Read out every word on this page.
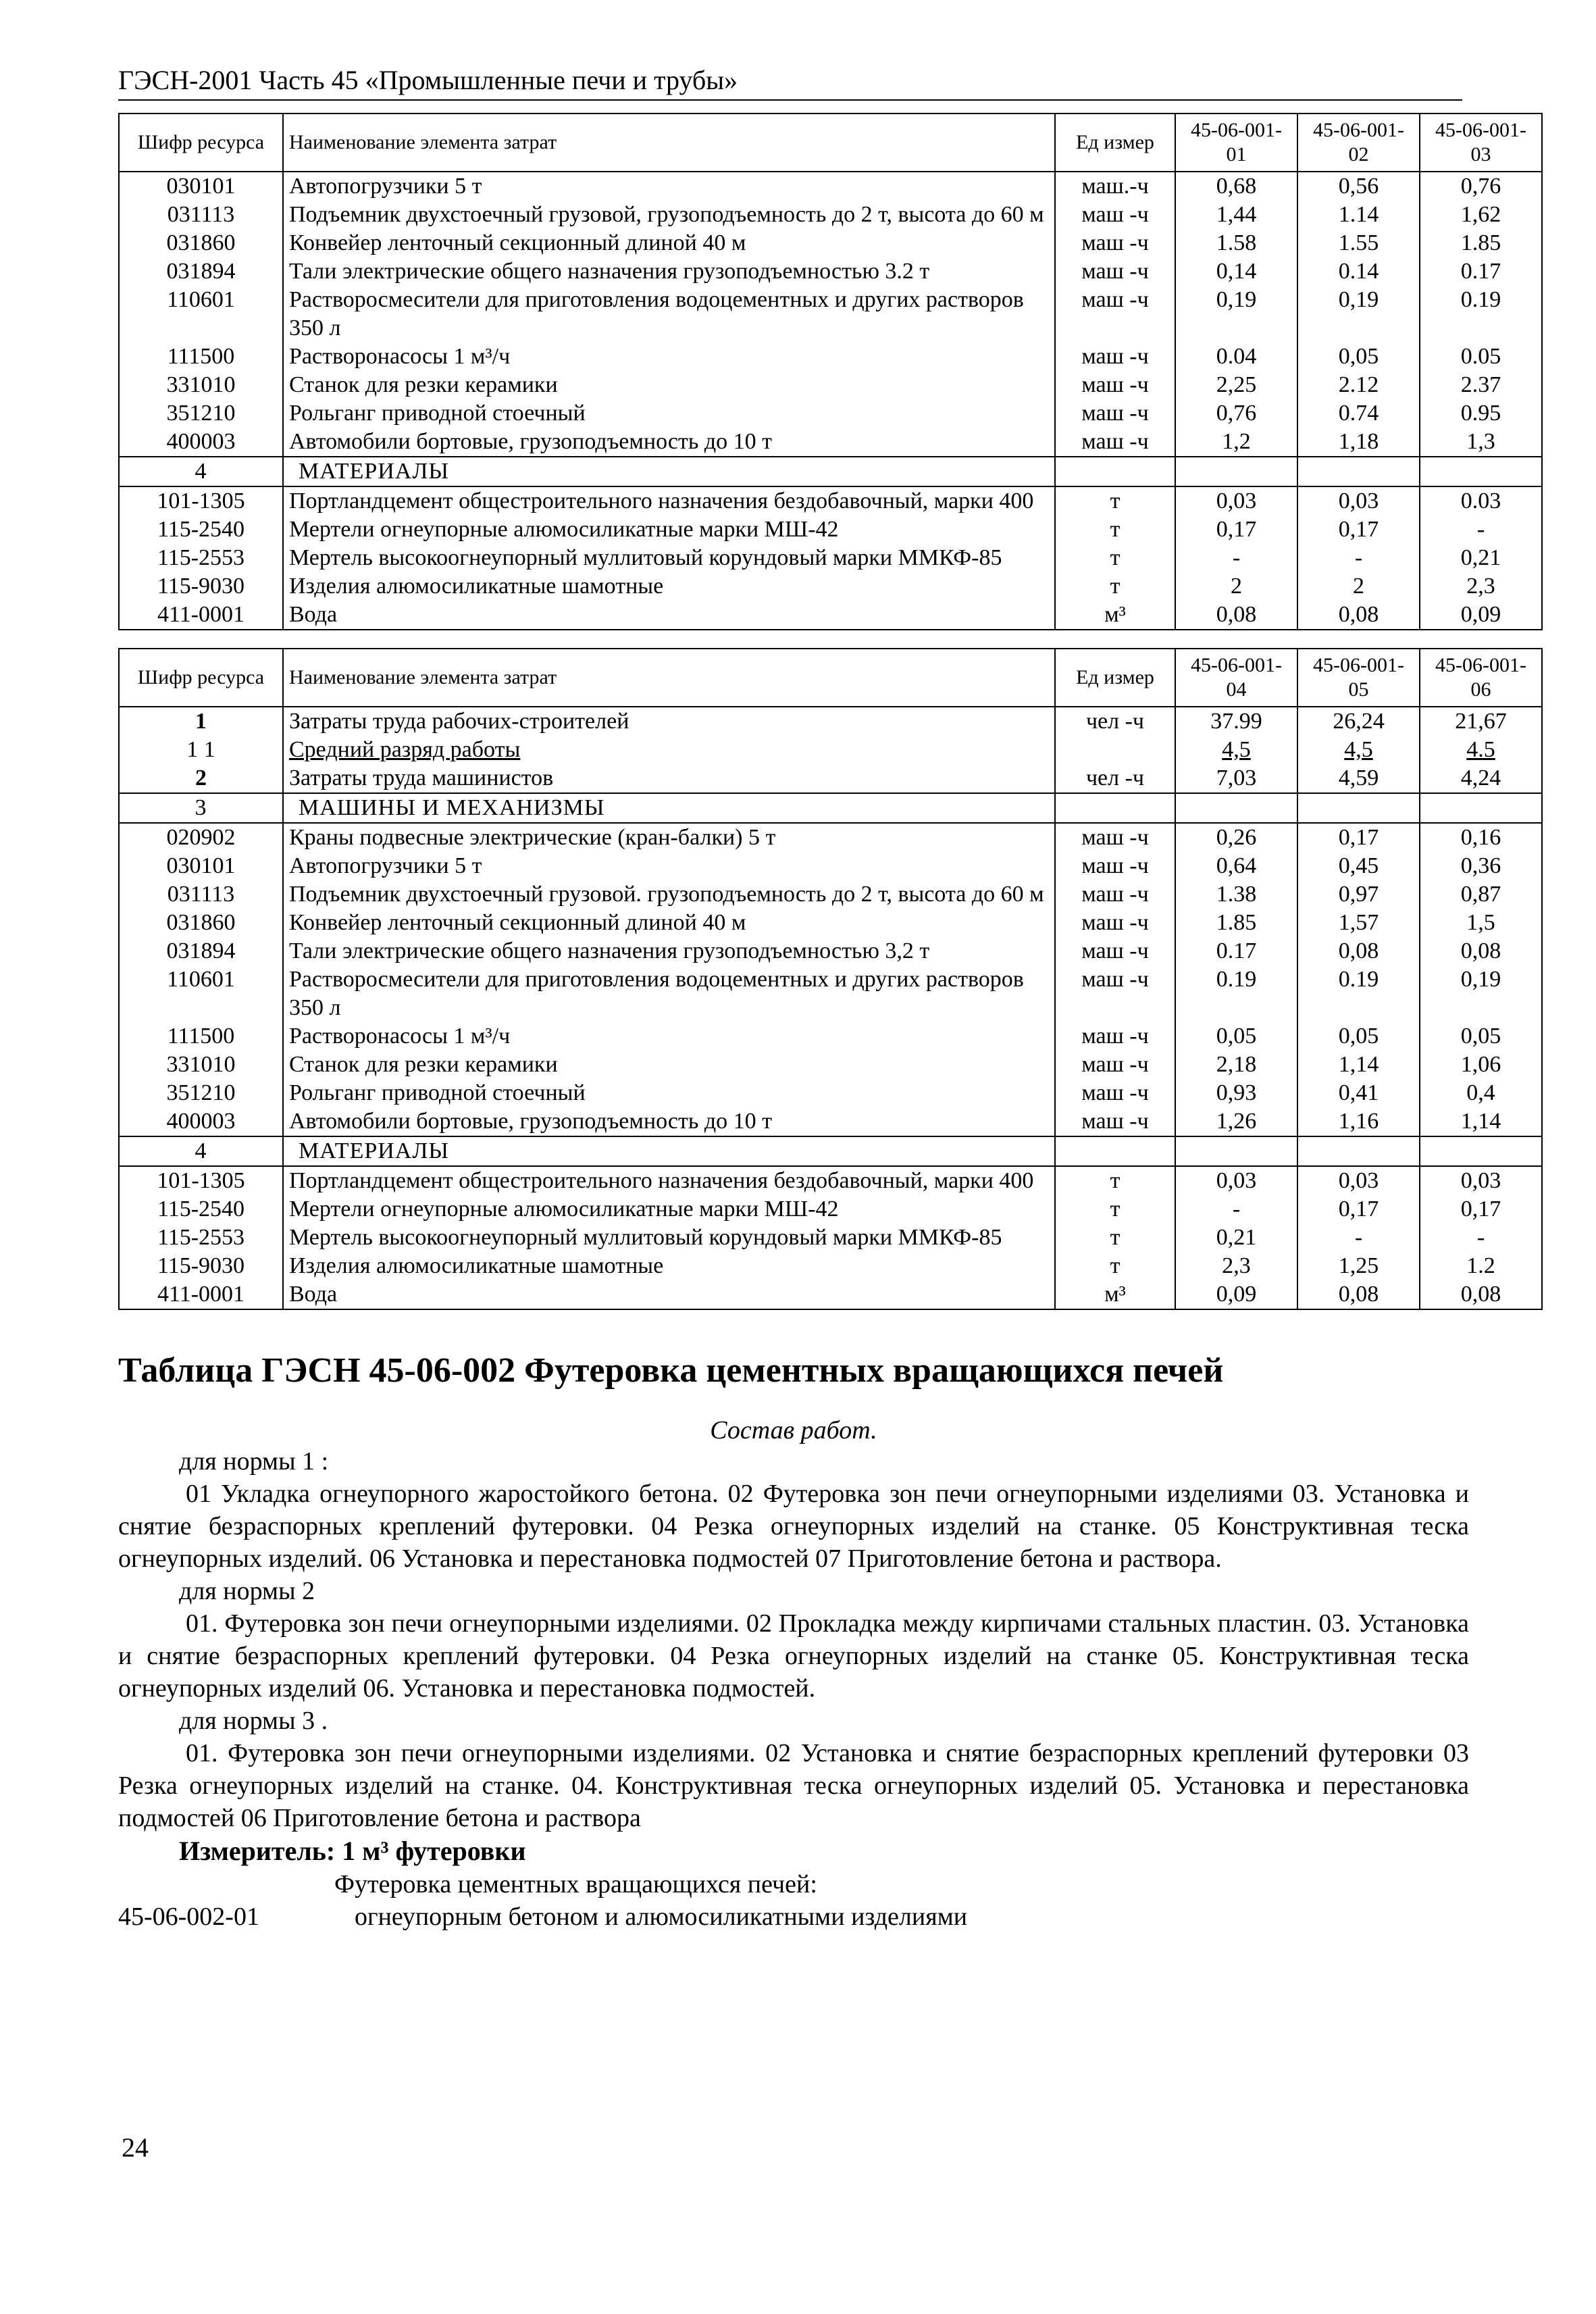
ГЭСН-2001 Часть 45 «Промышленные печи и трубы»
Шифр ресурса	Наименование элемента затрат	Ед измер	45-06-001-01	45-06-001-02	45-06-001-03
030101	Автопогрузчики 5 т	маш.-ч	0,68	0,56	0,76
031113	Подъемник двухстоечный грузовой, грузоподъемность до 2 т, высота до 60 м	маш -ч	1,44	1.14	1,62
031860	Конвейер ленточный секционный длиной 40 м	маш -ч	1.58	1.55	1.85
031894	Тали электрические общего назначения грузоподъемностью 3.2 т	маш -ч	0,14	0.14	0.17
110601	Растворосмесители для приготовления водоцементных и других растворов 350 л	маш -ч	0,19	0,19	0.19
111500	Растворонасосы 1 м³/ч	маш -ч	0.04	0,05	0.05
331010	Станок для резки керамики	маш -ч	2,25	2.12	2.37
351210	Рольганг приводной стоечный	маш -ч	0,76	0.74	0.95
400003	Автомобили бортовые, грузоподъемность до 10 т	маш -ч	1,2	1,18	1,3
4	МАТЕРИАЛЫ				
101-1305	Портландцемент общестроительного назначения бездобавочный, марки 400	т	0,03	0,03	0.03
115-2540	Мертели огнеупорные алюмосиликатные марки МШ-42	т	0,17	0,17	-
115-2553	Мертель высокоогнеупорный муллитовый корундовый марки ММКФ-85	т	-	-	0,21
115-9030	Изделия алюмосиликатные шамотные	т	2	2	2,3
411-0001	Вода	м³	0,08	0,08	0,09
Шифр ресурса	Наименование элемента затрат	Ед измер	45-06-001-04	45-06-001-05	45-06-001-06
1	Затраты труда рабочих-строителей	чел -ч	37.99	26,24	21,67
1 1	Средний разряд работы		4,5	4,5	4.5
2	Затраты труда машинистов	чел -ч	7,03	4,59	4,24
3	МАШИНЫ И МЕХАНИЗМЫ				
020902	Краны подвесные электрические (кран-балки) 5 т	маш -ч	0,26	0,17	0,16
030101	Автопогрузчики 5 т	маш -ч	0,64	0,45	0,36
031113	Подъемник двухстоечный грузовой. грузоподъемность до 2 т, высота до 60 м	маш -ч	1.38	0,97	0,87
031860	Конвейер ленточный секционный длиной 40 м	маш -ч	1.85	1,57	1,5
031894	Тали электрические общего назначения грузоподъемностью 3,2 т	маш -ч	0.17	0,08	0,08
110601	Растворосмесители для приготовления водоцементных и других растворов 350 л	маш -ч	0.19	0.19	0,19
111500	Растворонасосы 1 м³/ч	маш -ч	0,05	0,05	0,05
331010	Станок для резки керамики	маш -ч	2,18	1,14	1,06
351210	Рольганг приводной стоечный	маш -ч	0,93	0,41	0,4
400003	Автомобили бортовые, грузоподъемность до 10 т	маш -ч	1,26	1,16	1,14
4	МАТЕРИАЛЫ				
101-1305	Портландцемент общестроительного назначения бездобавочный, марки 400	т	0,03	0,03	0,03
115-2540	Мертели огнеупорные алюмосиликатные марки МШ-42	т	-	0,17	0,17
115-2553	Мертель высокоогнеупорный муллитовый корундовый марки ММКФ-85	т	0,21	-	-
115-9030	Изделия алюмосиликатные шамотные	т	2,3	1,25	1.2
411-0001	Вода	м³	0,09	0,08	0,08
Таблица ГЭСН 45-06-002 Футеровка цементных вращающихся печей
Состав работ.
для нормы 1 :
01 Укладка огнеупорного жаростойкого бетона. 02 Футеровка зон печи огнеупорными изделиями 03. Установка и снятие безраспорных креплений футеровки. 04 Резка огнеупорных изделий на станке. 05 Конструктивная теска огнеупорных изделий. 06 Установка и перестановка подмостей 07 Приготовление бетона и раствора.
для нормы 2
01. Футеровка зон печи огнеупорными изделиями. 02 Прокладка между кирпичами стальных пластин. 03. Установка и снятие безраспорных креплений футеровки. 04 Резка огнеупорных изделий на станке 05. Конструктивная теска огнеупорных изделий 06. Установка и перестановка подмостей.
для нормы 3 .
01. Футеровка зон печи огнеупорными изделиями. 02 Установка и снятие безраспорных креплений футеровки 03 Резка огнеупорных изделий на станке. 04. Конструктивная теска огнеупорных изделий 05. Установка и перестановка подмостей 06 Приготовление бетона и раствора
Измеритель: 1 м³ футеровки
Футеровка цементных вращающихся печей:
45-06-002-01	огнеупорным бетоном и алюмосиликатными изделиями
24
